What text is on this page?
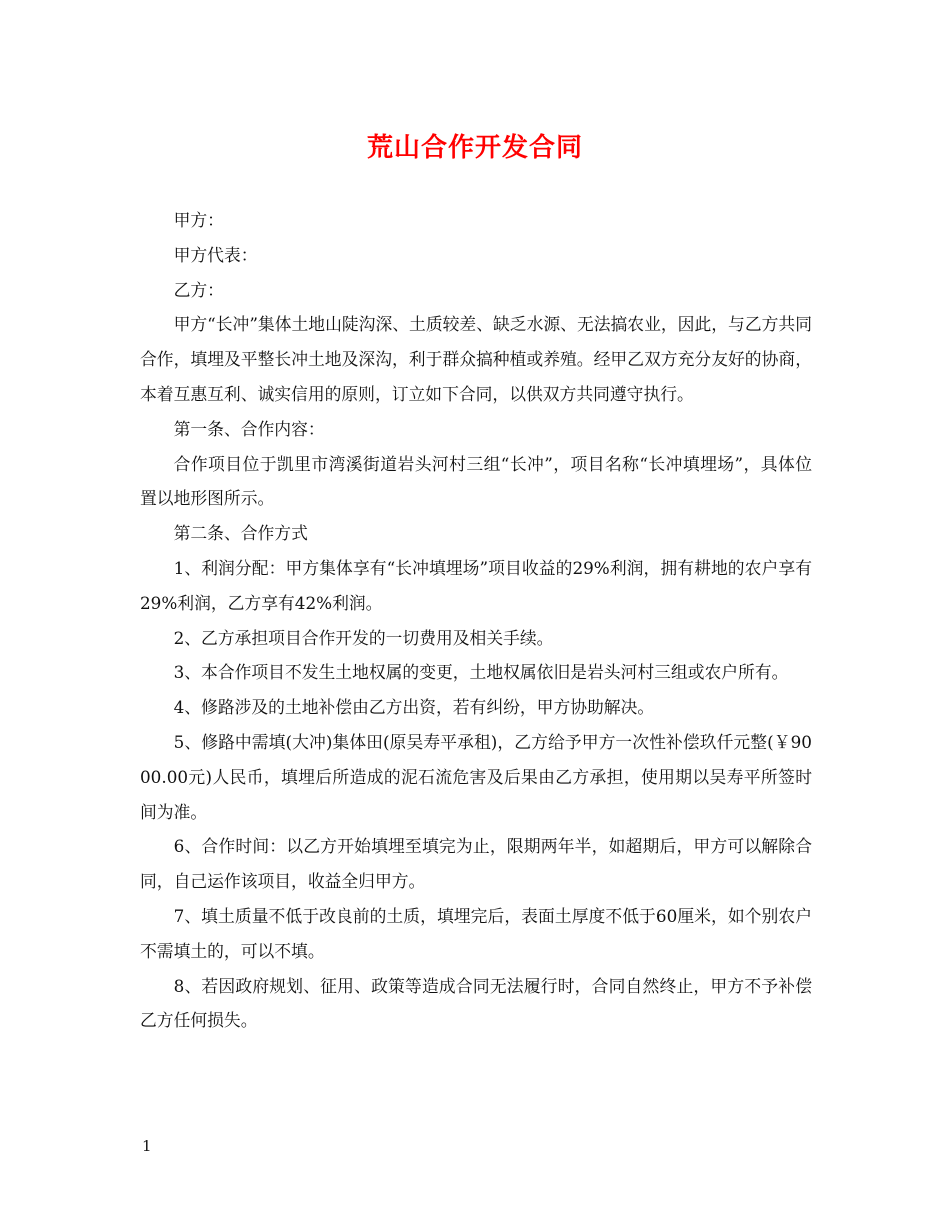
荒山合作开发合同

甲方：

甲方代表：

乙方：

甲方“长冲”集体土地山陡沟深、土质较差、缺乏水源、无法搞农业，因此，与乙方共同合作，填埋及平整长冲土地及深沟，利于群众搞种植或养殖。经甲乙双方充分友好的协商，本着互惠互利、诚实信用的原则，订立如下合同，以供双方共同遵守执行。

第一条、合作内容：

合作项目位于凯里市湾溪街道岩头河村三组“长冲”，项目名称“长冲填埋场”，具体位置以地形图所示。

第二条、合作方式

1、利润分配：甲方集体享有“长冲填埋场”项目收益的29%利润，拥有耕地的农户享有29%利润，乙方享有42%利润。

2、乙方承担项目合作开发的一切费用及相关手续。

3、本合作项目不发生土地权属的变更，土地权属依旧是岩头河村三组或农户所有。

4、修路涉及的土地补偿由乙方出资，若有纠纷，甲方协助解决。

5、修路中需填(大冲)集体田(原吴寿平承租)，乙方给予甲方一次性补偿玖仟元整(￥9000.00元)人民币，填埋后所造成的泥石流危害及后果由乙方承担，使用期以吴寿平所签时间为准。

6、合作时间：以乙方开始填埋至填完为止，限期两年半，如超期后，甲方可以解除合同，自己运作该项目，收益全归甲方。

7、填土质量不低于改良前的土质，填埋完后，表面土厚度不低于60厘米，如个别农户不需填土的，可以不填。

8、若因政府规划、征用、政策等造成合同无法履行时，合同自然终止，甲方不予补偿乙方任何损失。

1
